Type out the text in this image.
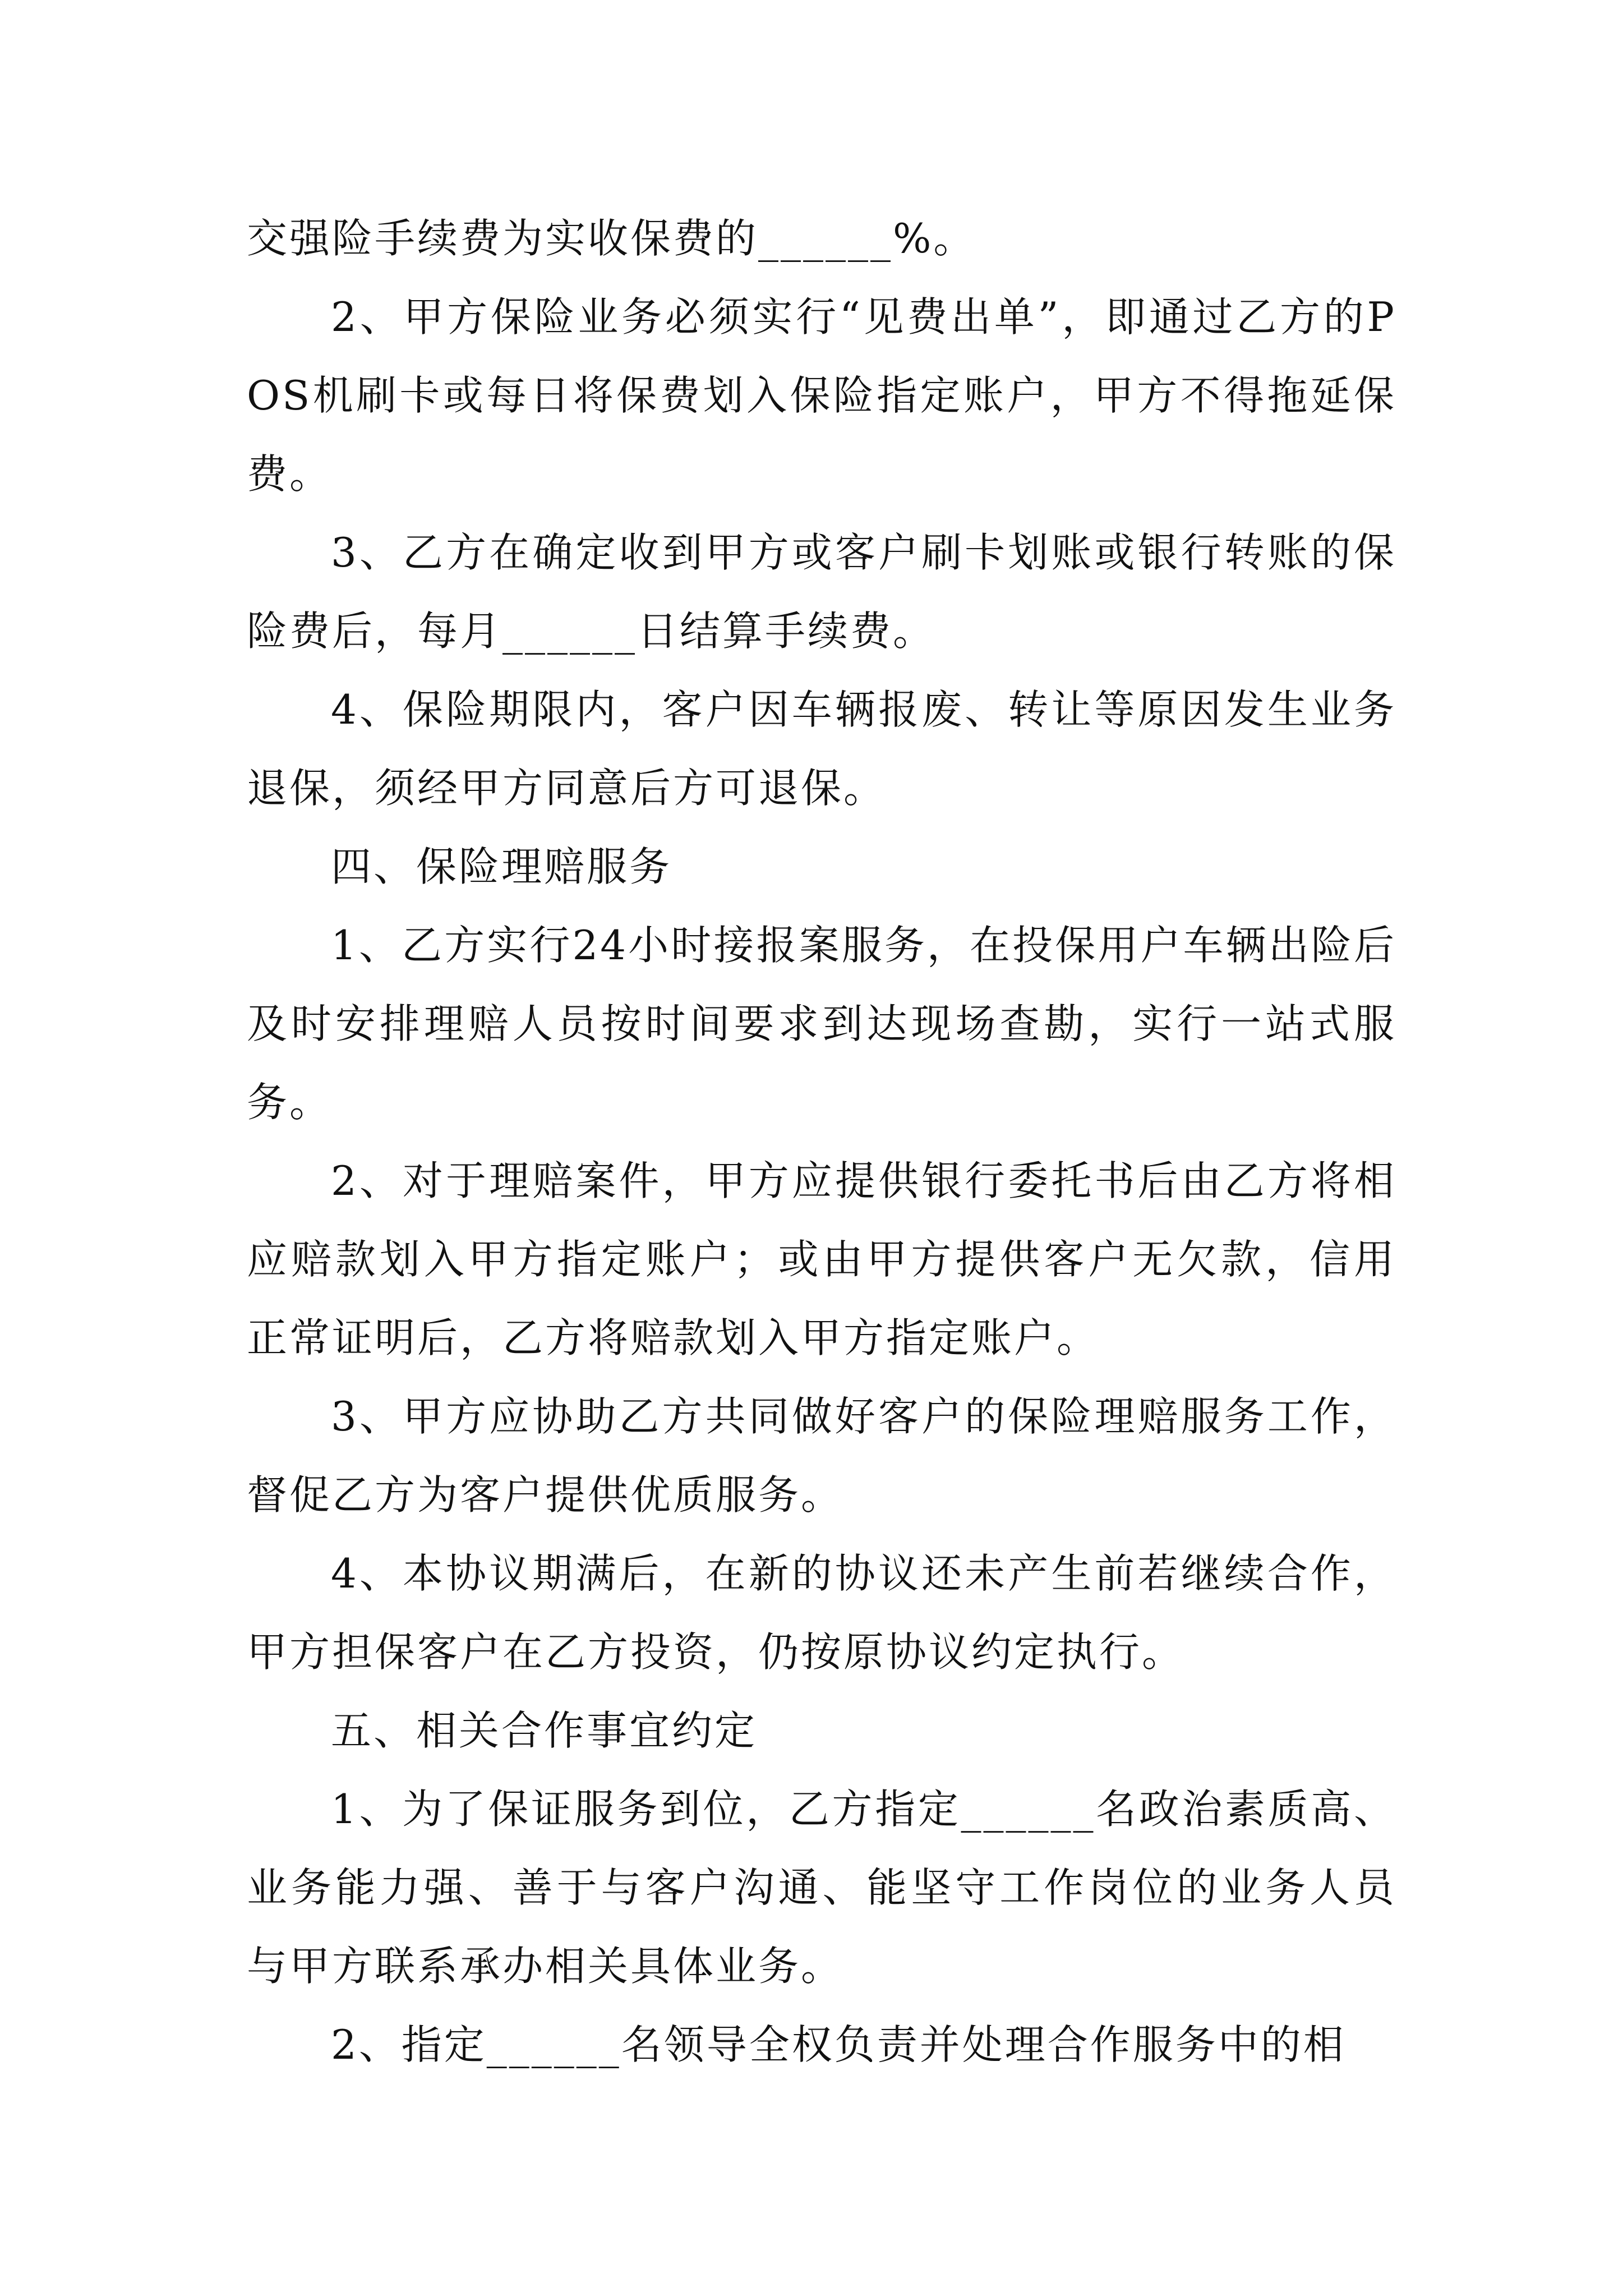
交强险手续费为实收保费的______%。

2、甲方保险业务必须实行“见费出单”，即通过乙方的POS机刷卡或每日将保费划入保险指定账户，甲方不得拖延保费。

3、乙方在确定收到甲方或客户刷卡划账或银行转账的保险费后，每月______日结算手续费。

4、保险期限内，客户因车辆报废、转让等原因发生业务退保，须经甲方同意后方可退保。

四、保险理赔服务

1、乙方实行24小时接报案服务，在投保用户车辆出险后及时安排理赔人员按时间要求到达现场查勘，实行一站式服务。

2、对于理赔案件，甲方应提供银行委托书后由乙方将相应赔款划入甲方指定账户；或由甲方提供客户无欠款，信用正常证明后，乙方将赔款划入甲方指定账户。

3、甲方应协助乙方共同做好客户的保险理赔服务工作，督促乙方为客户提供优质服务。

4、本协议期满后，在新的协议还未产生前若继续合作，甲方担保客户在乙方投资，仍按原协议约定执行。

五、相关合作事宜约定

1、为了保证服务到位，乙方指定______名政治素质高、业务能力强、善于与客户沟通、能坚守工作岗位的业务人员与甲方联系承办相关具体业务。

2、指定______名领导全权负责并处理合作服务中的相
